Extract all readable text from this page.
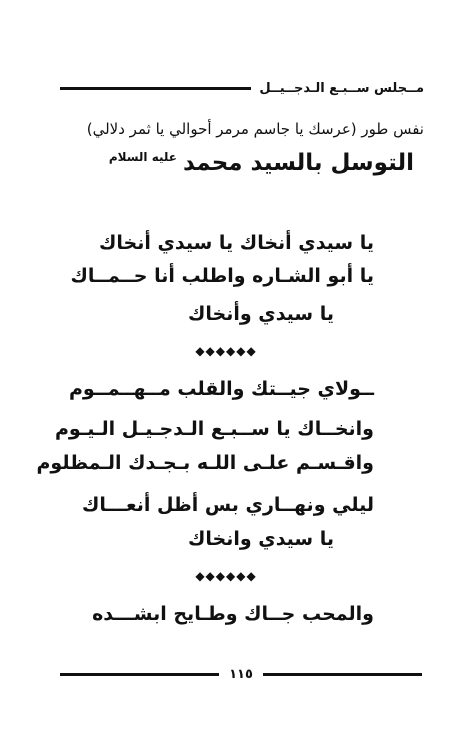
مــجلس ســبـع الـدجــيــل
نفس طور (عرسك يا جاسم مرمر أحوالي يا ثمر دلالي)
التوسل بالسيد محمد$^{عليه السلام}$
يا سيدي أنخاك يا سيدي أنخاك
يا أبو الشـاره واطلب أنا حــمــاك
يا سيدي وأنخاك
◆◆◆◆◆◆
ــولاي جيــتك والقلب مــهــمــوم
وانخــاك يا ســبـع الـدجـيـل الـيـوم
واقـسـم علـى اللـه بـجـدك الـمظلوم
ليلي ونهــاري بس أظل أنعـــاك
يا سيدي وانخاك
◆◆◆◆◆◆
والمحب جــاك وطـايح ابشـــده
١١٥
